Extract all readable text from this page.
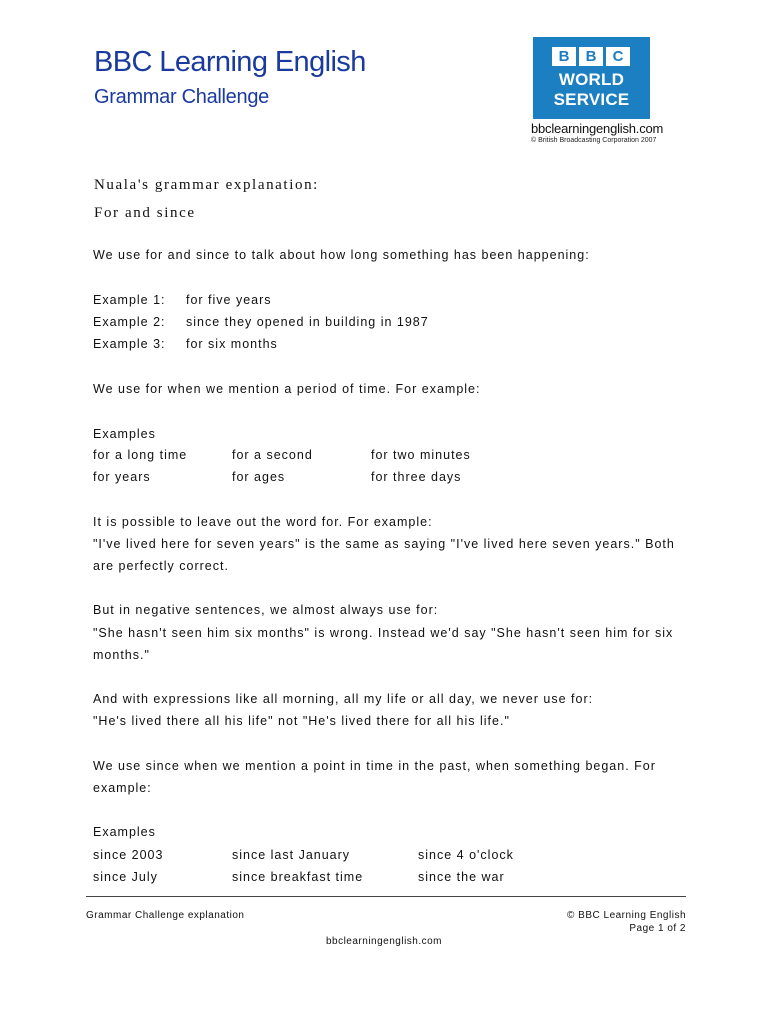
BBC Learning English
Grammar Challenge
B	B	C
WORLD
SERVICE
bbclearningenglish.com
© British Broadcasting Corporation 2007
Nuala's grammar explanation:
For and since
We use for and since to talk about how long something has been happening:
Example 1: for five years
Example 2: since they opened in building in 1987
Example 3: for six months
We use for when we mention a period of time. For example:
Examples
for a long time	for a second	for two minutes
for years	for ages	for three days
It is possible to leave out the word for. For example:
"I've lived here for seven years" is the same as saying "I've lived here seven years." Both
are perfectly correct.
But in negative sentences, we almost always use for:
"She hasn't seen him six months" is wrong. Instead we'd say "She hasn't seen him for six
months."
And with expressions like all morning, all my life or all day, we never use for:
"He's lived there all his life" not "He's lived there for all his life."
We use since when we mention a point in time in the past, when something began. For
example:
Examples
since 2003	since last January	since 4 o'clock
since July	since breakfast time	since the war
Grammar Challenge explanation	© BBC Learning English
Page 1 of 2
bbclearningenglish.com
